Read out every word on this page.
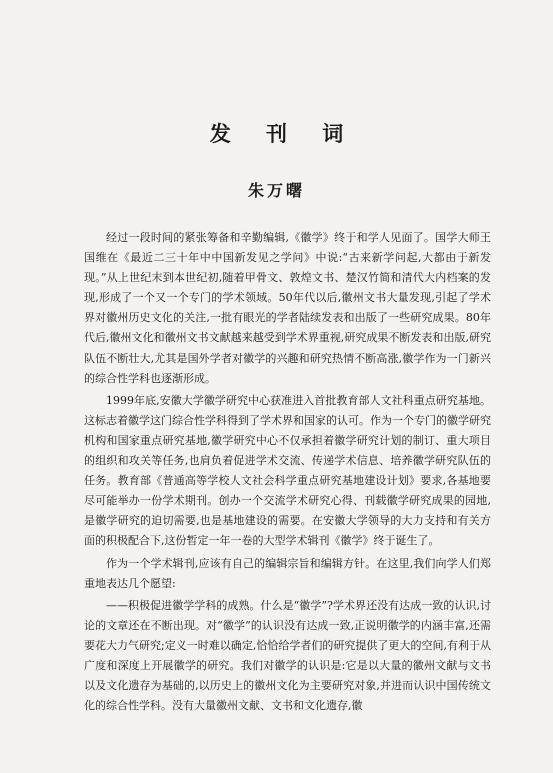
发 刊 词
朱万曙

经过一段时间的紧张筹备和辛勤编辑,《徽学》终于和学人见面了。国学大师王国维在《最近二三十年中中国新发见之学问》中说:“古来新学问起,大都由于新发现。”从上世纪末到本世纪初,随着甲骨文、敦煌文书、楚汉竹简和清代大内档案的发现,形成了一个又一个专门的学术领域。50年代以后,徽州文书大量发现,引起了学术界对徽州历史文化的关注,一批有眼光的学者陆续发表和出版了一些研究成果。80年代后,徽州文化和徽州文书文献越来越受到学术界重视,研究成果不断发表和出版,研究队伍不断壮大,尤其是国外学者对徽学的兴趣和研究热情不断高涨,徽学作为一门新兴的综合性学科也逐渐形成。

1999年底,安徽大学徽学研究中心获准进入首批教育部人文社科重点研究基地。这标志着徽学这门综合性学科得到了学术界和国家的认可。作为一个专门的徽学研究机构和国家重点研究基地,徽学研究中心不仅承担着徽学研究计划的制订、重大项目的组织和攻关等任务,也肩负着促进学术交流、传递学术信息、培养徽学研究队伍的任务。教育部《普通高等学校人文社会科学重点研究基地建设计划》要求,各基地要尽可能举办一份学术期刊。创办一个交流学术研究心得、刊载徽学研究成果的园地,是徽学研究的迫切需要,也是基地建设的需要。在安徽大学领导的大力支持和有关方面的积极配合下,这份暂定一年一卷的大型学术辑刊《徽学》终于诞生了。

作为一个学术辑刊,应该有自己的编辑宗旨和编辑方针。在这里,我们向学人们郑重地表达几个愿望:

——积极促进徽学学科的成熟。什么是“徽学”?学术界还没有达成一致的认识,讨论的文章还在不断出现。对“徽学”的认识没有达成一致,正说明徽学的内涵丰富,还需要花大力气研究;定义一时难以确定,恰恰给学者们的研究提供了更大的空间,有利于从广度和深度上开展徽学的研究。我们对徽学的认识是:它是以大量的徽州文献与文书以及文化遗存为基础的,以历史上的徽州文化为主要研究对象,并进而认识中国传统文化的综合性学科。没有大量徽州文献、文书和文化遗存,徽
